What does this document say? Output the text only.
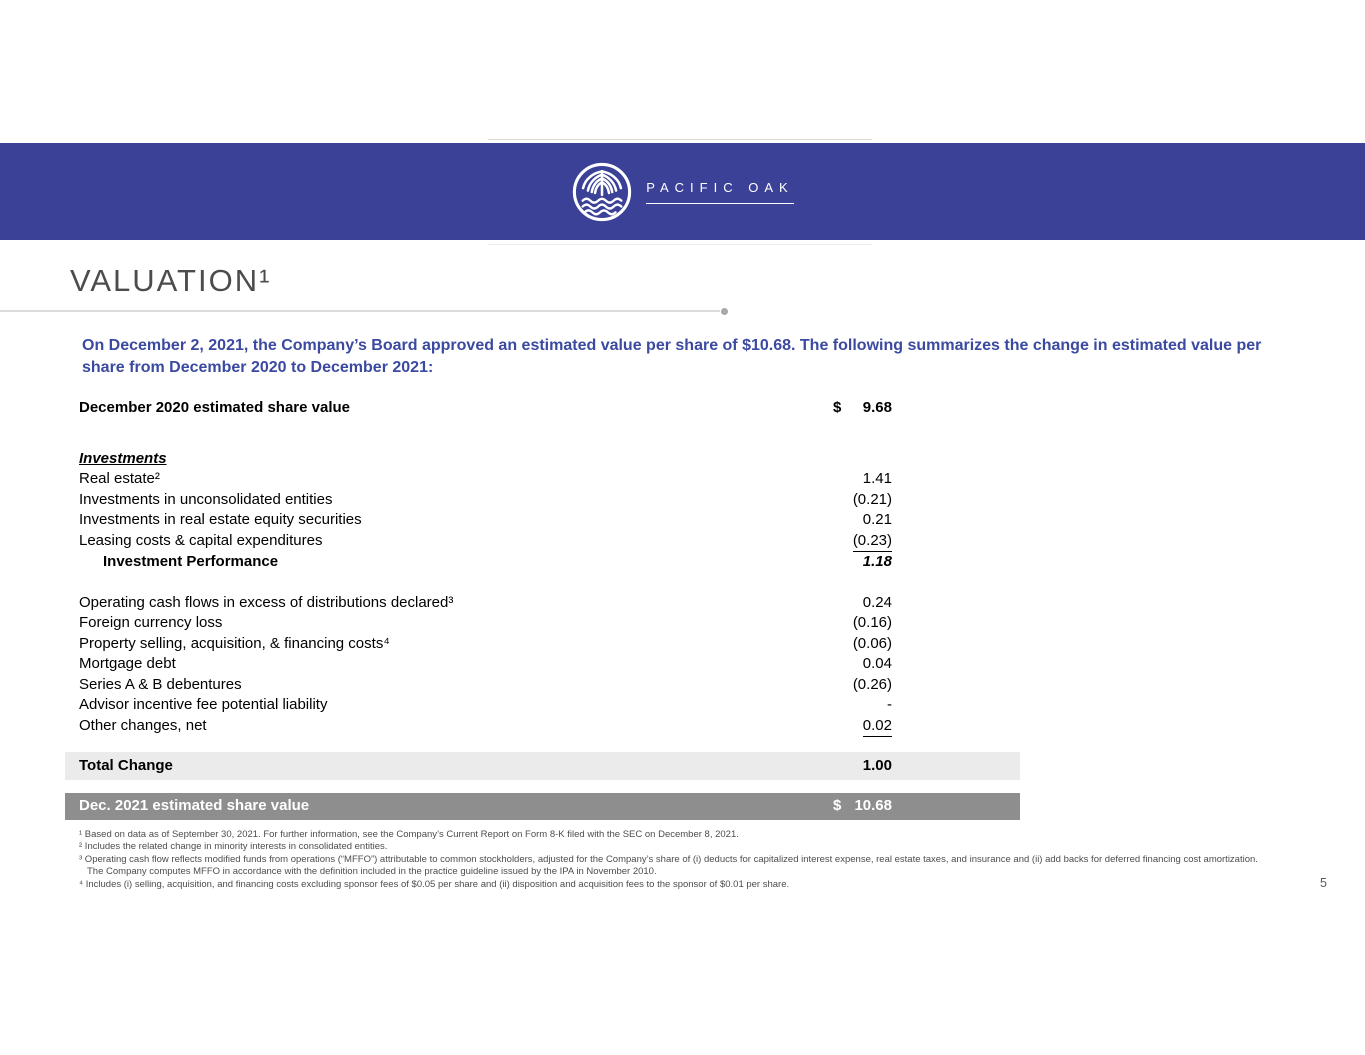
PACIFIC OAK
VALUATION¹
On December 2, 2021, the Company’s Board approved an estimated value per share of $10.68. The following summarizes the change in estimated value per share from December 2020 to December 2021:
December 2020 estimated share value	$ 9.68
Investments
Real estate²	1.41
Investments in unconsolidated entities	(0.21)
Investments in real estate equity securities	0.21
Leasing costs & capital expenditures	(0.23)
Investment Performance	1.18
Operating cash flows in excess of distributions declared³	0.24
Foreign currency loss	(0.16)
Property selling, acquisition, & financing costs⁴	(0.06)
Mortgage debt	0.04
Series A & B debentures	(0.26)
Advisor incentive fee potential liability	-
Other changes, net	0.02
Total Change	1.00
Dec. 2021 estimated share value	$ 10.68
¹ Based on data as of September 30, 2021. For further information, see the Company’s Current Report on Form 8-K filed with the SEC on December 8, 2021.
² Includes the related change in minority interests in consolidated entities.
³ Operating cash flow reflects modified funds from operations (“MFFO”) attributable to common stockholders, adjusted for the Company’s share of (i) deducts for capitalized interest expense, real estate taxes, and insurance and (ii) add backs for deferred financing cost amortization.
The Company computes MFFO in accordance with the definition included in the practice guideline issued by the IPA in November 2010.
⁴ Includes (i) selling, acquisition, and financing costs excluding sponsor fees of $0.05 per share and (ii) disposition and acquisition fees to the sponsor of $0.01 per share.	5
